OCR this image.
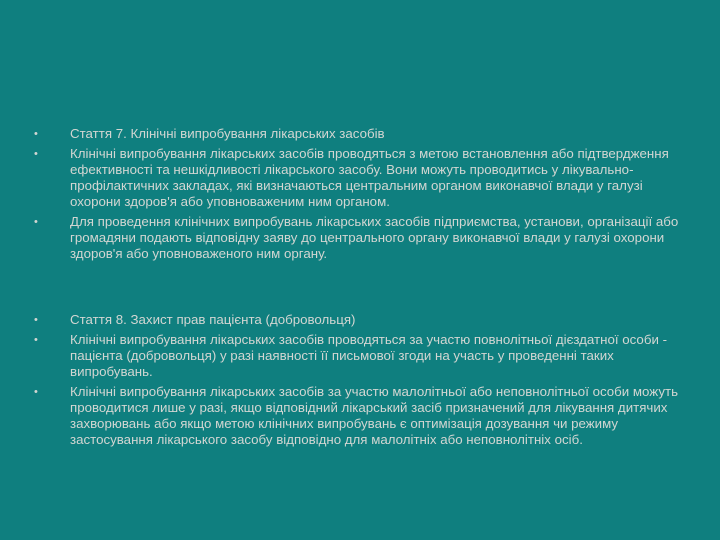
•	Стаття 7. Клінічні випробування лікарських засобів
•	Клінічні випробування лікарських засобів проводяться з метою встановлення або підтвердження ефективності та нешкідливості лікарського засобу. Вони можуть проводитись у лікувально-профілактичних закладах, які визначаються центральним органом виконавчої влади у галузі охорони здоров'я або уповноваженим ним органом.
•	Для проведення клінічних випробувань лікарських засобів підприємства, установи, організації або громадяни подають відповідну заяву до центрального органу виконавчої влади у галузі охорони здоров'я або уповноваженого ним органу.
•	Стаття 8. Захист прав пацієнта (добровольця)
•	Клінічні випробування лікарських засобів проводяться за участю повнолітньої дієздатної особи - пацієнта (добровольця) у разі наявності її письмової згоди на участь у проведенні таких випробувань.
•	Клінічні випробування лікарських засобів за участю малолітньої або неповнолітньої особи можуть проводитися лише у разі, якщо відповідний лікарський засіб призначений для лікування дитячих захворювань або якщо метою клінічних випробувань є оптимізація дозування чи режиму застосування лікарського засобу відповідно для малолітніх або неповнолітніх осіб.
